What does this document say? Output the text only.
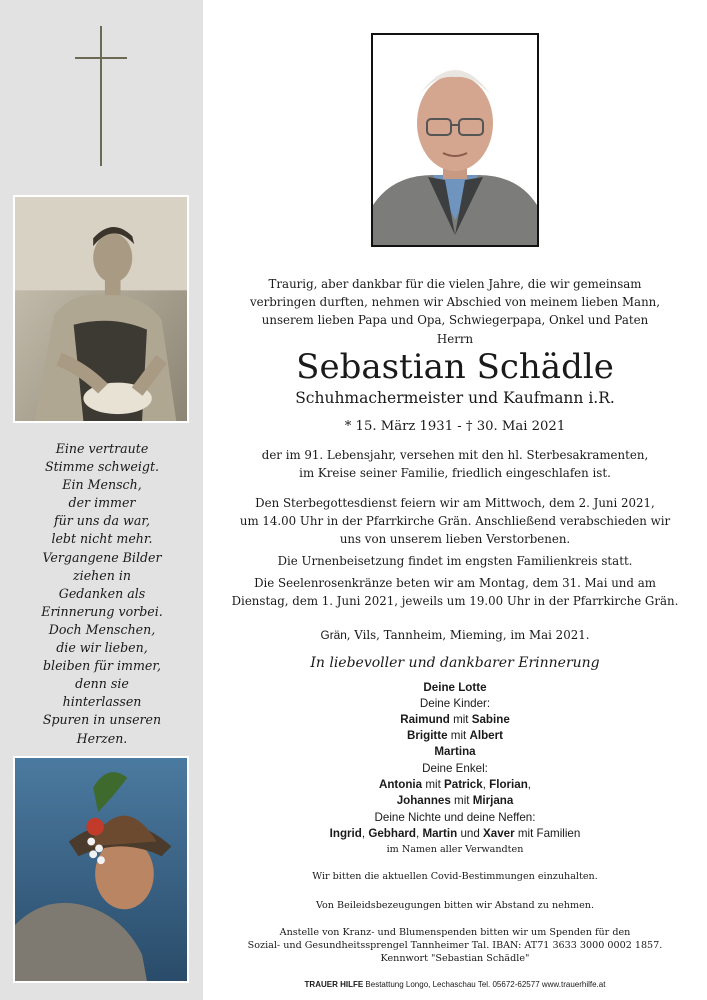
Eine vertraute
Stimme schweigt.
Ein Mensch,
der immer
für uns da war,
lebt nicht mehr.
Vergangene Bilder
ziehen in
Gedanken als
Erinnerung vorbei.
Doch Menschen,
die wir lieben,
bleiben für immer,
denn sie
hinterlassen
Spuren in unseren
Herzen.
Traurig, aber dankbar für die vielen Jahre, die wir gemeinsam
verbringen durften, nehmen wir Abschied von meinem lieben Mann,
unserem lieben Papa und Opa, Schwiegerpapa, Onkel und Paten
Herrn
Sebastian Schädle
Schuhmachermeister und Kaufmann i.R.
* 15. März 1931 - † 30. Mai 2021
der im 91. Lebensjahr, versehen mit den hl. Sterbesakramenten,
im Kreise seiner Familie, friedlich eingeschlafen ist.
Den Sterbegottesdienst feiern wir am Mittwoch, dem 2. Juni 2021,
um 14.00 Uhr in der Pfarrkirche Grän. Anschließend verabschieden wir
uns von unserem lieben Verstorbenen.
Die Urnenbeisetzung findet im engsten Familienkreis statt.
Die Seelenrosenkränze beten wir am Montag, dem 31. Mai und am
Dienstag, dem 1. Juni 2021, jeweils um 19.00 Uhr in der Pfarrkirche Grän.
Grän, Vils, Tannheim, Mieming, im Mai 2021.
In liebevoller und dankbarer Erinnerung
Deine Lotte
Deine Kinder:
Raimund mit Sabine
Brigitte mit Albert
Martina
Deine Enkel:
Antonia mit Patrick, Florian,
Johannes mit Mirjana
Deine Nichte und deine Neffen:
Ingrid, Gebhard, Martin und Xaver mit Familien
im Namen aller Verwandten
Wir bitten die aktuellen Covid-Bestimmungen einzuhalten.
Von Beileidsbezeugungen bitten wir Abstand zu nehmen.
Anstelle von Kranz- und Blumenspenden bitten wir um Spenden für den
Sozial- und Gesundheitssprengel Tannheimer Tal. IBAN: AT71 3633 3000 0002 1857.
Kennwort "Sebastian Schädle"
TRAUER HILFE Bestattung Longo, Lechaschau Tel. 05672-62577 www.trauerhilfe.at
